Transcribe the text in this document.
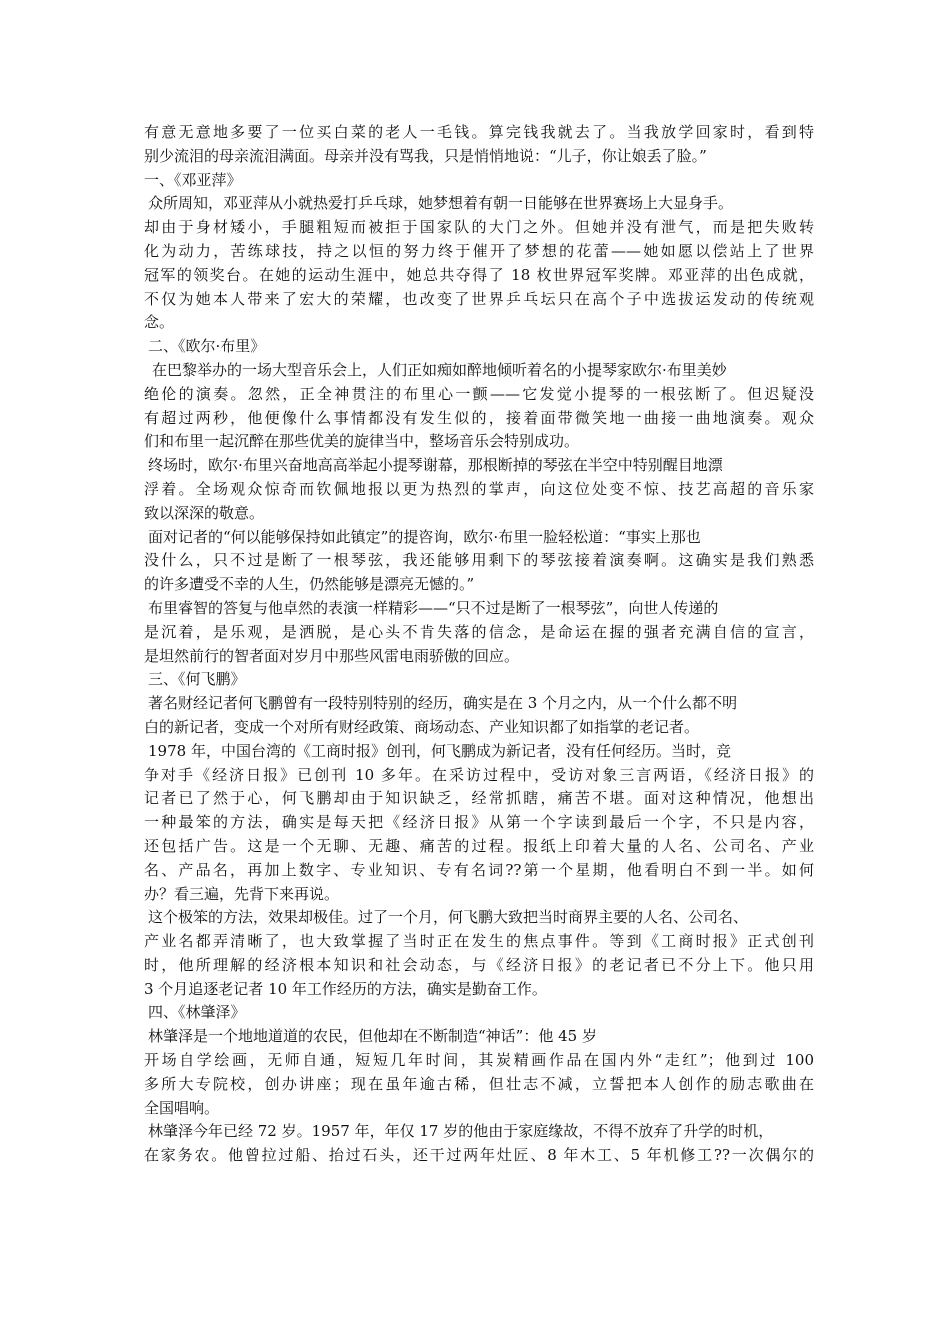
有意无意地多要了一位买白菜的老人一毛钱。算完钱我就去了。当我放学回家时，看到特
别少流泪的母亲流泪满面。母亲并没有骂我，只是悄悄地说：“儿子，你让娘丢了脸。”
一、《邓亚萍》
众所周知，邓亚萍从小就热爱打乒乓球，她梦想着有朝一日能够在世界赛场上大显身手。
却由于身材矮小，手腿粗短而被拒于国家队的大门之外。但她并没有泄气，而是把失败转
化为动力，苦练球技，持之以恒的努力终于催开了梦想的花蕾——她如愿以偿站上了世界
冠军的领奖台。在她的运动生涯中，她总共夺得了 18 枚世界冠军奖牌。邓亚萍的出色成就，
不仅为她本人带来了宏大的荣耀，也改变了世界乒乓坛只在高个子中选拔运发动的传统观
念。
二、《欧尔·布里》
在巴黎举办的一场大型音乐会上，人们正如痴如醉地倾听着名的小提琴家欧尔·布里美妙
绝伦的演奏。忽然，正全神贯注的布里心一颤——它发觉小提琴的一根弦断了。但迟疑没
有超过两秒，他便像什么事情都没有发生似的，接着面带微笑地一曲接一曲地演奏。观众
们和布里一起沉醉在那些优美的旋律当中，整场音乐会特别成功。
终场时，欧尔·布里兴奋地高高举起小提琴谢幕，那根断掉的琴弦在半空中特别醒目地漂
浮着。全场观众惊奇而钦佩地报以更为热烈的掌声，向这位处变不惊、技艺高超的音乐家
致以深深的敬意。
面对记者的“何以能够保持如此镇定”的提咨询，欧尔·布里一脸轻松道：“事实上那也
没什么，只不过是断了一根琴弦，我还能够用剩下的琴弦接着演奏啊。这确实是我们熟悉
的许多遭受不幸的人生，仍然能够是漂亮无憾的。”
布里睿智的答复与他卓然的表演一样精彩——“只不过是断了一根琴弦”，向世人传递的
是沉着，是乐观，是洒脱，是心头不肯失落的信念，是命运在握的强者充满自信的宣言，
是坦然前行的智者面对岁月中那些风雷电雨骄傲的回应。
三、《何飞鹏》
著名财经记者何飞鹏曾有一段特别特别的经历，确实是在 3 个月之内，从一个什么都不明
白的新记者，变成一个对所有财经政策、商场动态、产业知识都了如指掌的老记者。
1978 年，中国台湾的《工商时报》创刊，何飞鹏成为新记者，没有任何经历。当时，竞
争对手《经济日报》已创刊 10 多年。在采访过程中，受访对象三言两语，《经济日报》的
记者已了然于心，何飞鹏却由于知识缺乏，经常抓瞎，痛苦不堪。面对这种情况，他想出
一种最笨的方法，确实是每天把《经济日报》从第一个字读到最后一个字，不只是内容，
还包括广告。这是一个无聊、无趣、痛苦的过程。报纸上印着大量的人名、公司名、产业
名、产品名，再加上数字、专业知识、专有名词??第一个星期，他看明白不到一半。如何
办？看三遍，先背下来再说。
这个极笨的方法，效果却极佳。过了一个月，何飞鹏大致把当时商界主要的人名、公司名、
产业名都弄清晰了，也大致掌握了当时正在发生的焦点事件。等到《工商时报》正式创刊
时，他所理解的经济根本知识和社会动态，与《经济日报》的老记者已不分上下。他只用
3 个月追逐老记者 10 年工作经历的方法，确实是勤奋工作。
四、《林肇泽》
林肇泽是一个地地道道的农民，但他却在不断制造“神话”：他 45 岁
开场自学绘画，无师自通，短短几年时间，其炭精画作品在国内外“走红”；他到过 100
多所大专院校，创办讲座；现在虽年逾古稀，但壮志不减，立誓把本人创作的励志歌曲在
全国唱响。
林肇泽今年已经 72 岁。1957 年，年仅 17 岁的他由于家庭缘故，不得不放弃了升学的时机，
在家务农。他曾拉过船、抬过石头，还干过两年灶匠、8 年木工、5 年机修工??一次偶尔的
